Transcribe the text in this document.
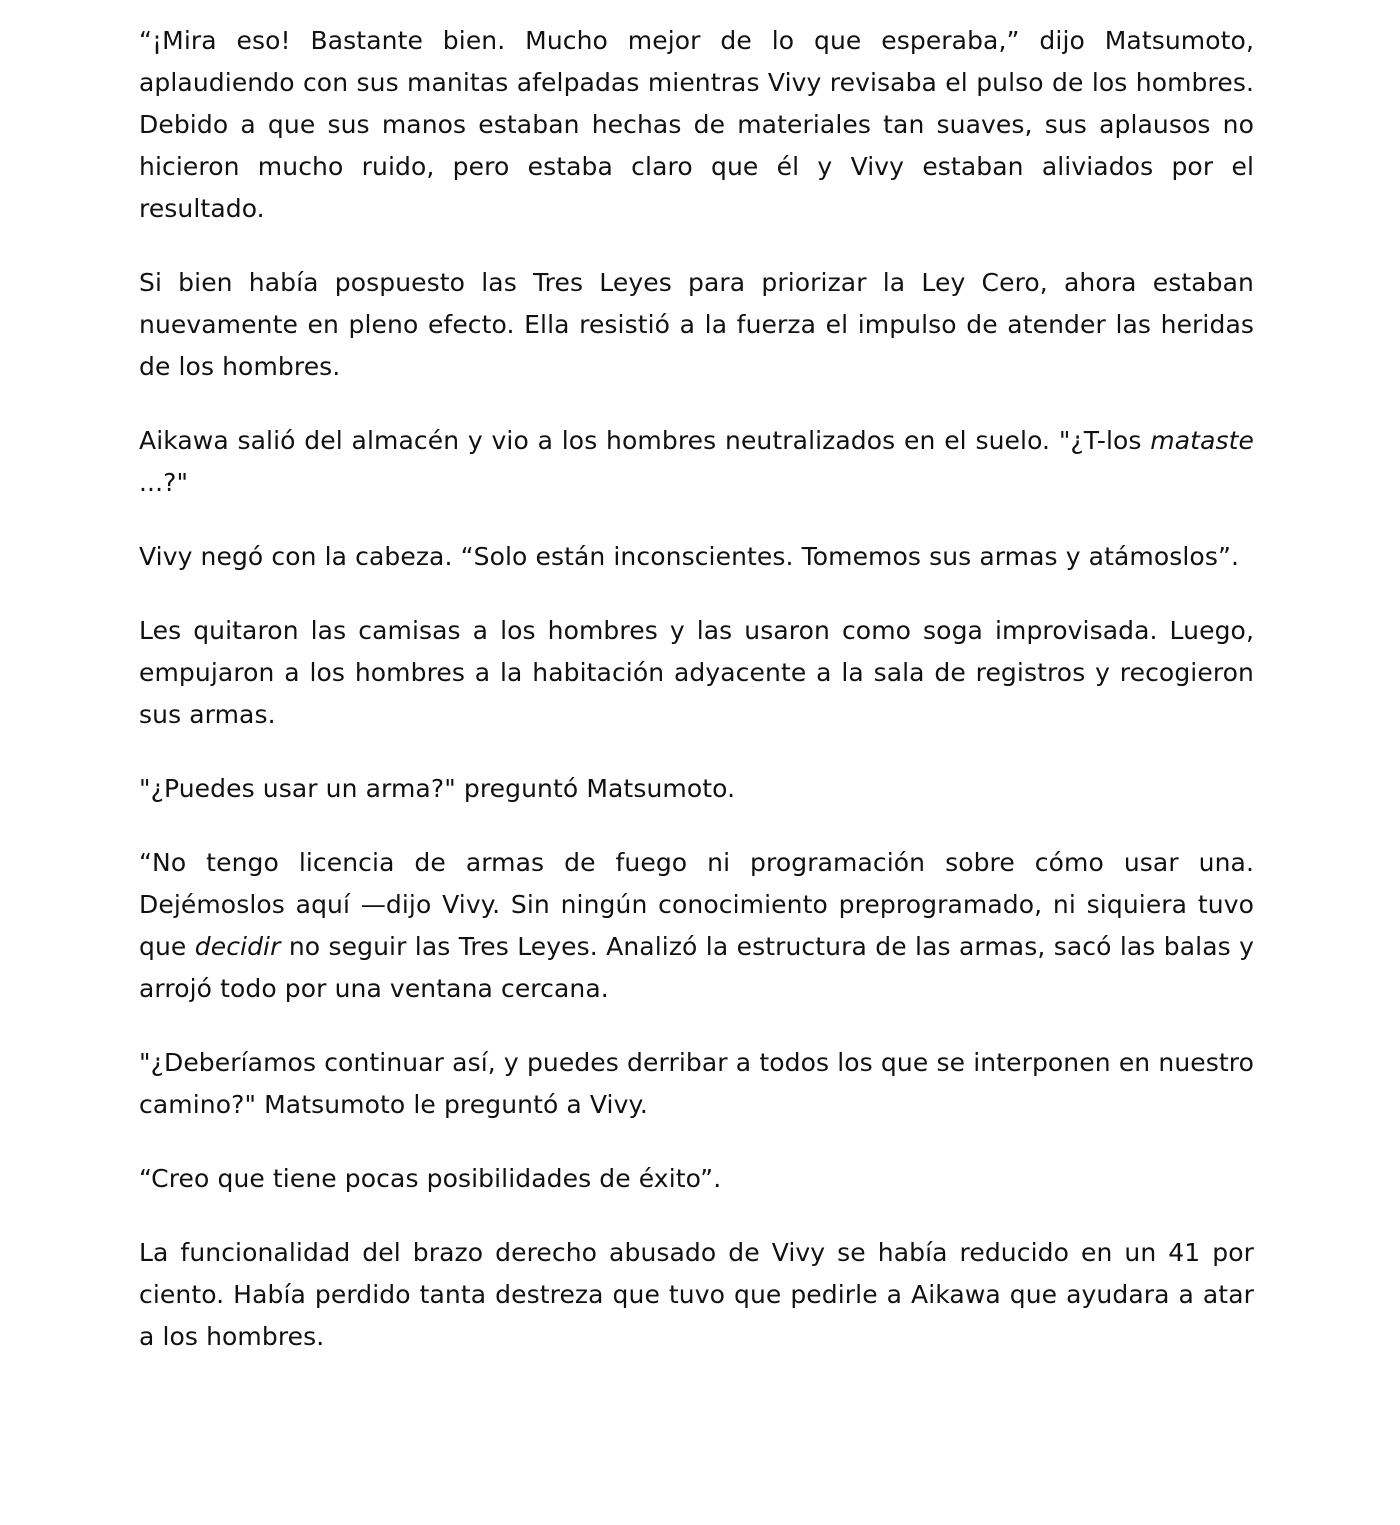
“¡Mira eso! Bastante bien. Mucho mejor de lo que esperaba,” dijo Matsumoto, aplaudiendo con sus manitas afelpadas mientras Vivy revisaba el pulso de los hombres. Debido a que sus manos estaban hechas de materiales tan suaves, sus aplausos no hicieron mucho ruido, pero estaba claro que él y Vivy estaban aliviados por el resultado.

Si bien había pospuesto las Tres Leyes para priorizar la Ley Cero, ahora estaban nuevamente en pleno efecto. Ella resistió a la fuerza el impulso de atender las heridas de los hombres.

Aikawa salió del almacén y vio a los hombres neutralizados en el suelo. "¿T-los mataste ...?"

Vivy negó con la cabeza. “Solo están inconscientes. Tomemos sus armas y atámoslos”.

Les quitaron las camisas a los hombres y las usaron como soga improvisada. Luego, empujaron a los hombres a la habitación adyacente a la sala de registros y recogieron sus armas.

"¿Puedes usar un arma?" preguntó Matsumoto.

“No tengo licencia de armas de fuego ni programación sobre cómo usar una. Dejémoslos aquí —dijo Vivy. Sin ningún conocimiento preprogramado, ni siquiera tuvo que decidir no seguir las Tres Leyes. Analizó la estructura de las armas, sacó las balas y arrojó todo por una ventana cercana.

"¿Deberíamos continuar así, y puedes derribar a todos los que se interponen en nuestro camino?" Matsumoto le preguntó a Vivy.

“Creo que tiene pocas posibilidades de éxito”.

La funcionalidad del brazo derecho abusado de Vivy se había reducido en un 41 por ciento. Había perdido tanta destreza que tuvo que pedirle a Aikawa que ayudara a atar a los hombres.
